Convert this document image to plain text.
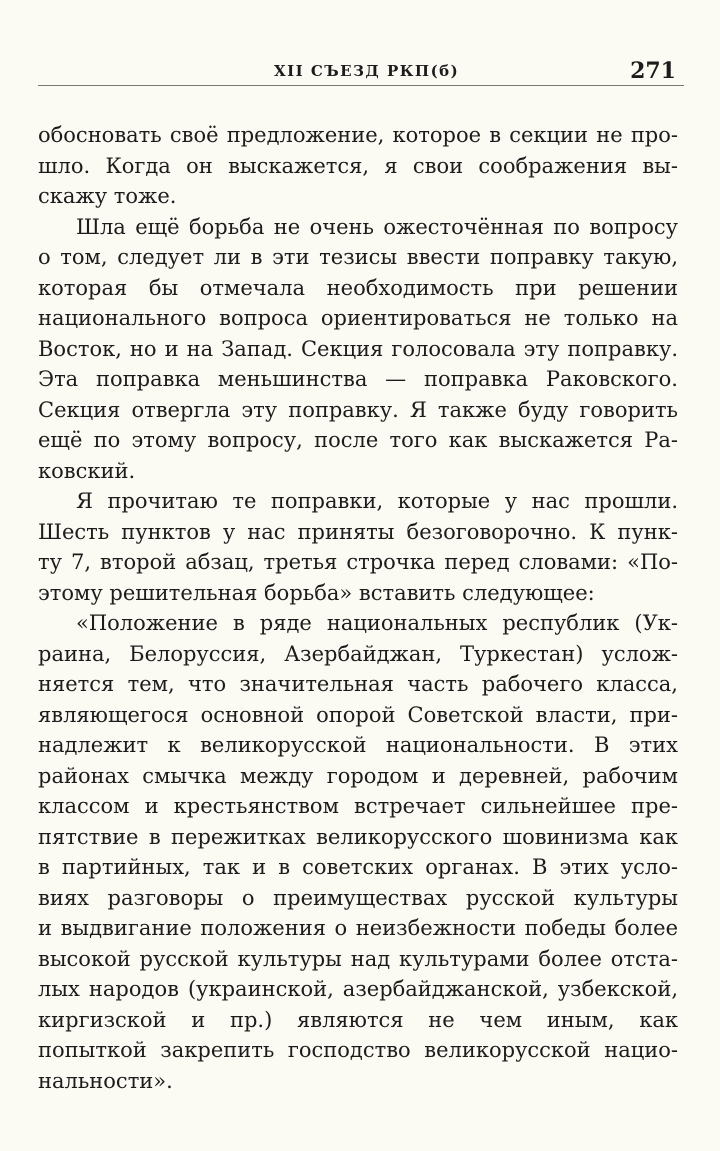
XII СЪЕЗД РКП(б)	271
обосновать своё предложение, которое в секции не про-
шло. Когда он выскажется, я свои соображения вы-
скажу тоже.
Шла ещё борьба не очень ожесточённая по вопросу
о том, следует ли в эти тезисы ввести поправку такую,
которая бы отмечала необходимость при решении
национального вопроса ориентироваться не только на
Восток, но и на Запад. Секция голосовала эту поправку.
Эта поправка меньшинства — поправка Раковского.
Секция отвергла эту поправку. Я также буду говорить
ещё по этому вопросу, после того как выскажется Ра-
ковский.
Я прочитаю те поправки, которые у нас прошли.
Шесть пунктов у нас приняты безоговорочно. К пунк-
ту 7, второй абзац, третья строчка перед словами: «По-
этому решительная борьба» вставить следующее:
«Положение в ряде национальных республик (Ук-
раина, Белоруссия, Азербайджан, Туркестан) услож-
няется тем, что значительная часть рабочего класса,
являющегося основной опорой Советской власти, при-
надлежит к великорусской национальности. В этих
районах смычка между городом и деревней, рабочим
классом и крестьянством встречает сильнейшее пре-
пятствие в пережитках великорусского шовинизма как
в партийных, так и в советских органах. В этих усло-
виях разговоры о преимуществах русской культуры
и выдвигание положения о неизбежности победы более
высокой русской культуры над культурами более отста-
лых народов (украинской, азербайджанской, узбекской,
киргизской и пр.) являются не чем иным, как
попыткой закрепить господство великорусской нацио-
нальности».
